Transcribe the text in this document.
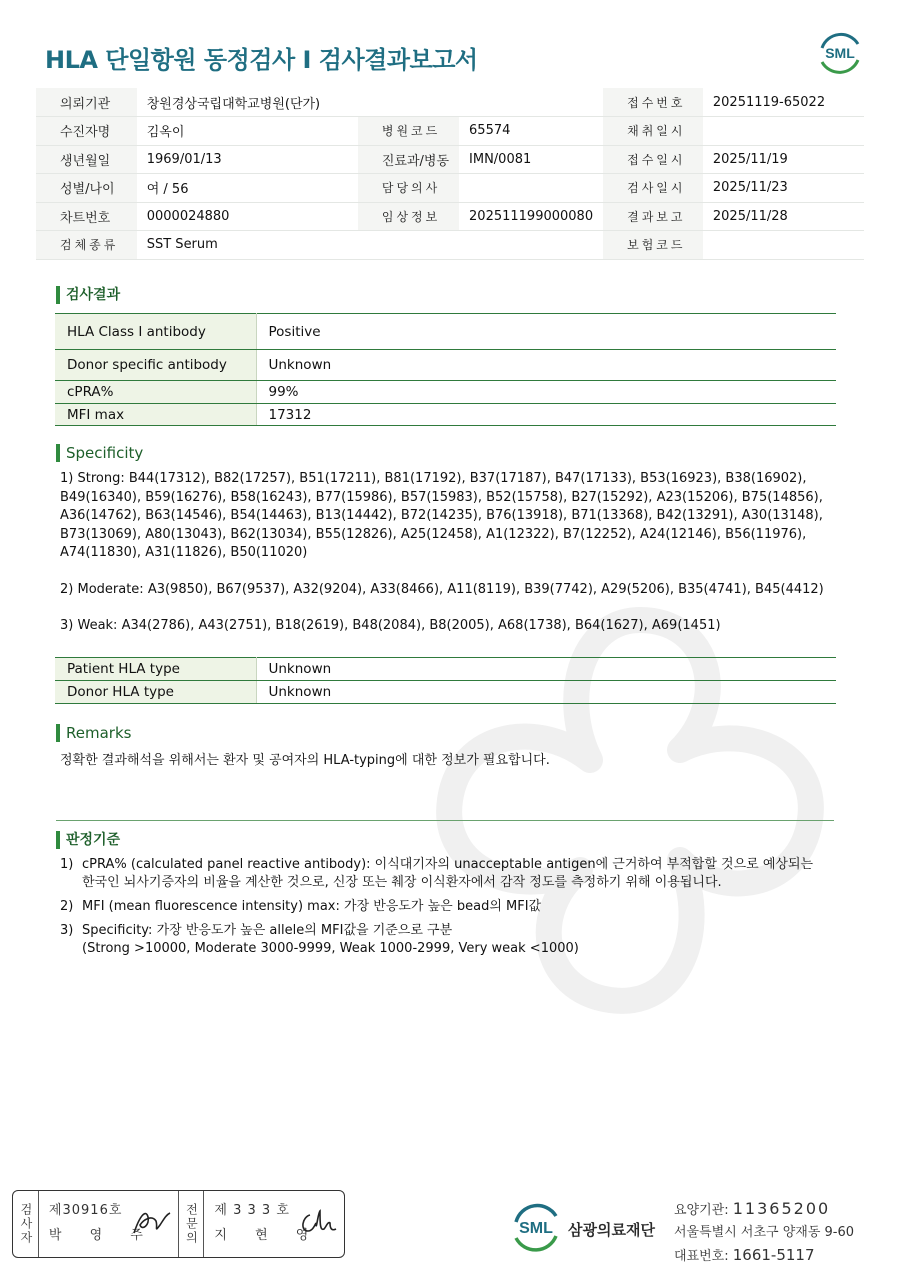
HLA 단일항원 동정검사 I 검사결과보고서	SML
의뢰기관	창원경상국립대학교병원(단가)			접수번호	20251119-65022
수진자명	김옥이	병원코드	65574	채취일시	
생년월일	1969/01/13	진료과/병동	IMN/0081	접수일시	2025/11/19
성별/나이	여 / 56	담당의사		검사일시	2025/11/23
차트번호	0000024880	임상정보	202511199000080	결과보고	2025/11/28
검체종류	SST Serum			보험코드	
검사결과
HLA Class I antibody	Positive
Donor specific antibody	Unknown
cPRA%	99%
MFI max	17312
Specificity

1) Strong: B44(17312), B82(17257), B51(17211), B81(17192), B37(17187), B47(17133), B53(16923), B38(16902), B49(16340), B59(16276), B58(16243), B77(15986), B57(15983), B52(15758), B27(15292), A23(15206), B75(14856), A36(14762), B63(14546), B54(14463), B13(14442), B72(14235), B76(13918), B71(13368), B42(13291), A30(13148), B73(13069), A80(13043), B62(13034), B55(12826), A25(12458), A1(12322), B7(12252), A24(12146), B56(11976), A74(11830), A31(11826), B50(11020)

2) Moderate: A3(9850), B67(9537), A32(9204), A33(8466), A11(8119), B39(7742), A29(5206), B35(4741), B45(4412)

3) Weak: A34(2786), A43(2751), B18(2619), B48(2084), B8(2005), A68(1738), B64(1627), A69(1451)

Patient HLA type	Unknown
Donor HLA type	Unknown
Remarks
정확한 결과해석을 위해서는 환자 및 공여자의 HLA-typing에 대한 정보가 필요합니다.
판정기준
1) cPRA% (calculated panel reactive antibody): 이식대기자의 unacceptable antigen에 근거하여 부적합할 것으로 예상되는
한국인 뇌사기증자의 비율을 계산한 것으로, 신장 또는 췌장 이식환자에서 감작 정도를 측정하기 위해 이용됩니다.
2) MFI (mean fluorescence intensity) max: 가장 반응도가 높은 bead의 MFI값
3) Specificity: 가장 반응도가 높은 allele의 MFI값을 기준으로 구분
(Strong >10000, Moderate 3000-9999, Weak 1000-2999, Very weak <1000)
검사자 제30916호
박 영 주	전문의 제 3 3 3 호
지 현 영	SML 삼광의료재단
요양기관: 11365200
서울특별시 서초구 양재동 9-60
대표번호: 1661-5117
